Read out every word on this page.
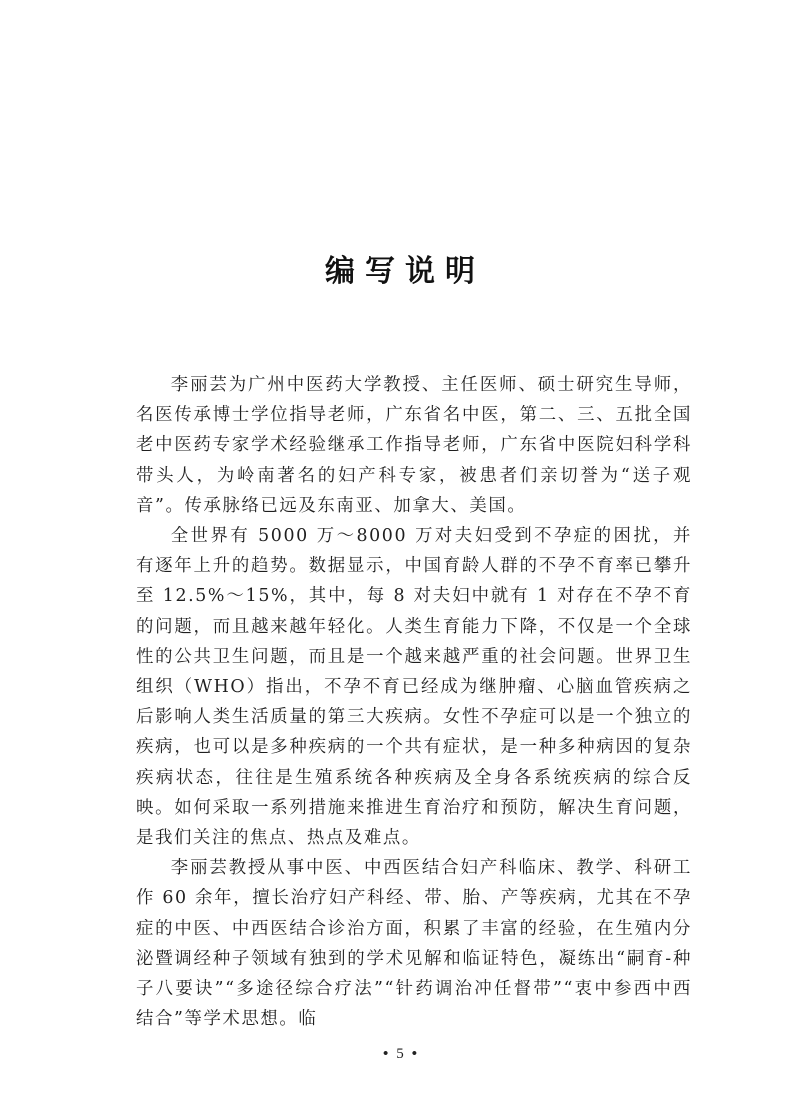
编写说明

李丽芸为广州中医药大学教授、主任医师、硕士研究生导师，名医传承博士学位指导老师，广东省名中医，第二、三、五批全国老中医药专家学术经验继承工作指导老师，广东省中医院妇科学科带头人，为岭南著名的妇产科专家，被患者们亲切誉为“送子观音”。传承脉络已远及东南亚、加拿大、美国。

全世界有 5000 万～8000 万对夫妇受到不孕症的困扰，并有逐年上升的趋势。数据显示，中国育龄人群的不孕不育率已攀升至 12.5%～15%，其中，每 8 对夫妇中就有 1 对存在不孕不育的问题，而且越来越年轻化。人类生育能力下降，不仅是一个全球性的公共卫生问题，而且是一个越来越严重的社会问题。世界卫生组织（WHO）指出，不孕不育已经成为继肿瘤、心脑血管疾病之后影响人类生活质量的第三大疾病。女性不孕症可以是一个独立的疾病，也可以是多种疾病的一个共有症状，是一种多种病因的复杂疾病状态，往往是生殖系统各种疾病及全身各系统疾病的综合反映。如何采取一系列措施来推进生育治疗和预防，解决生育问题，是我们关注的焦点、热点及难点。

李丽芸教授从事中医、中西医结合妇产科临床、教学、科研工作 60 余年，擅长治疗妇产科经、带、胎、产等疾病，尤其在不孕症的中医、中西医结合诊治方面，积累了丰富的经验，在生殖内分泌暨调经种子领域有独到的学术见解和临证特色，凝练出“嗣育-种子八要诀”“多途径综合疗法”“针药调治冲任督带”“衷中参西中西结合”等学术思想。临

• 5 •
